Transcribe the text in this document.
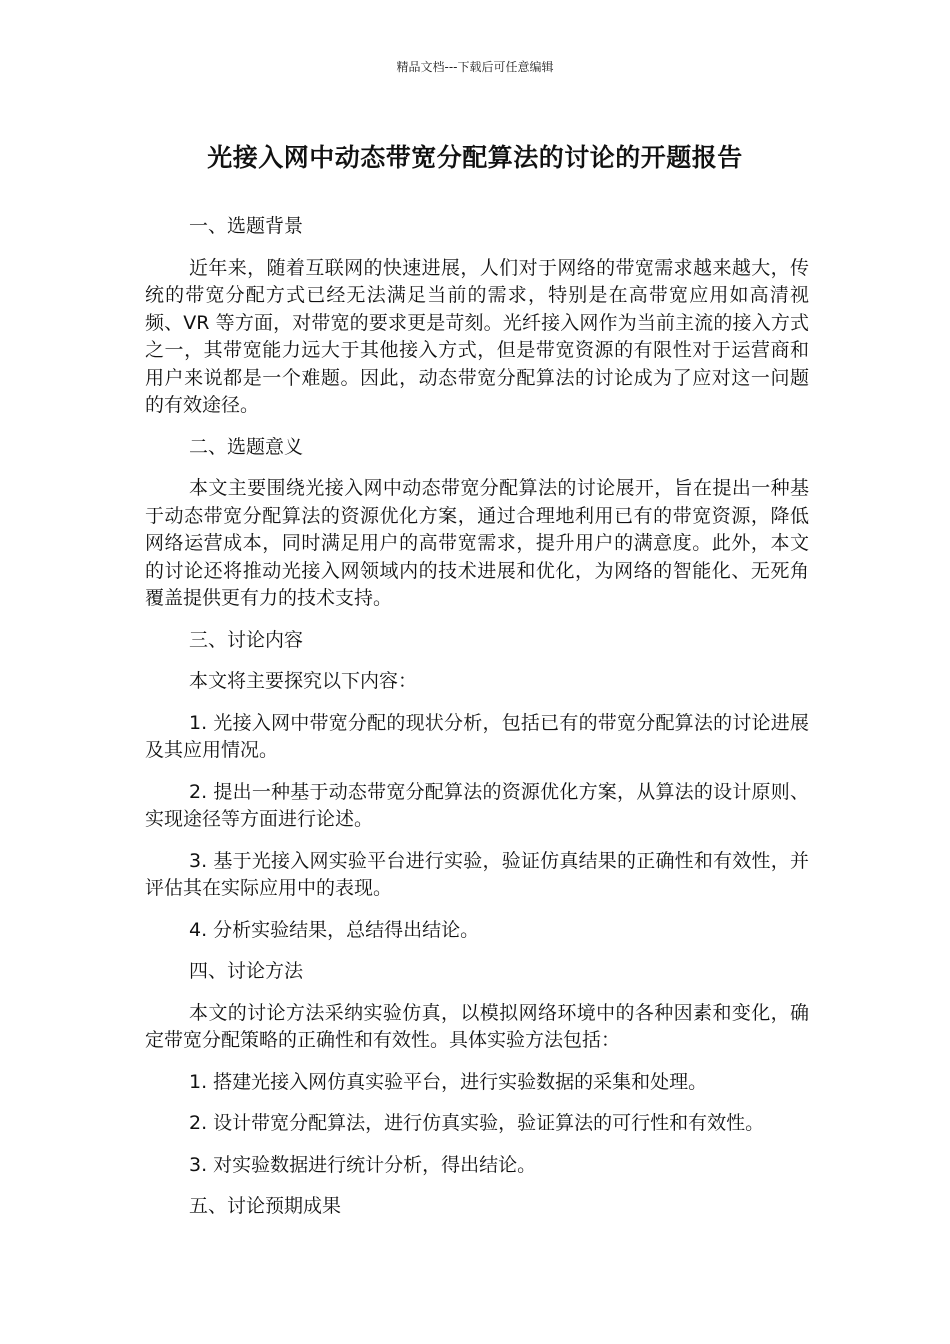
精品文档---下载后可任意编辑
光接入网中动态带宽分配算法的讨论的开题报告
一、选题背景
近年来，随着互联网的快速进展，人们对于网络的带宽需求越来越大，传统的带宽分配方式已经无法满足当前的需求，特别是在高带宽应用如高清视频、VR 等方面，对带宽的要求更是苛刻。光纤接入网作为当前主流的接入方式之一，其带宽能力远大于其他接入方式，但是带宽资源的有限性对于运营商和用户来说都是一个难题。因此，动态带宽分配算法的讨论成为了应对这一问题的有效途径。
二、选题意义
本文主要围绕光接入网中动态带宽分配算法的讨论展开，旨在提出一种基于动态带宽分配算法的资源优化方案，通过合理地利用已有的带宽资源，降低网络运营成本，同时满足用户的高带宽需求，提升用户的满意度。此外，本文的讨论还将推动光接入网领域内的技术进展和优化，为网络的智能化、无死角覆盖提供更有力的技术支持。
三、讨论内容
本文将主要探究以下内容：
1. 光接入网中带宽分配的现状分析，包括已有的带宽分配算法的讨论进展及其应用情况。
2. 提出一种基于动态带宽分配算法的资源优化方案，从算法的设计原则、实现途径等方面进行论述。
3. 基于光接入网实验平台进行实验，验证仿真结果的正确性和有效性，并评估其在实际应用中的表现。
4. 分析实验结果，总结得出结论。
四、讨论方法
本文的讨论方法采纳实验仿真，以模拟网络环境中的各种因素和变化，确定带宽分配策略的正确性和有效性。具体实验方法包括：
1. 搭建光接入网仿真实验平台，进行实验数据的采集和处理。
2. 设计带宽分配算法，进行仿真实验，验证算法的可行性和有效性。
3. 对实验数据进行统计分析，得出结论。
五、讨论预期成果
